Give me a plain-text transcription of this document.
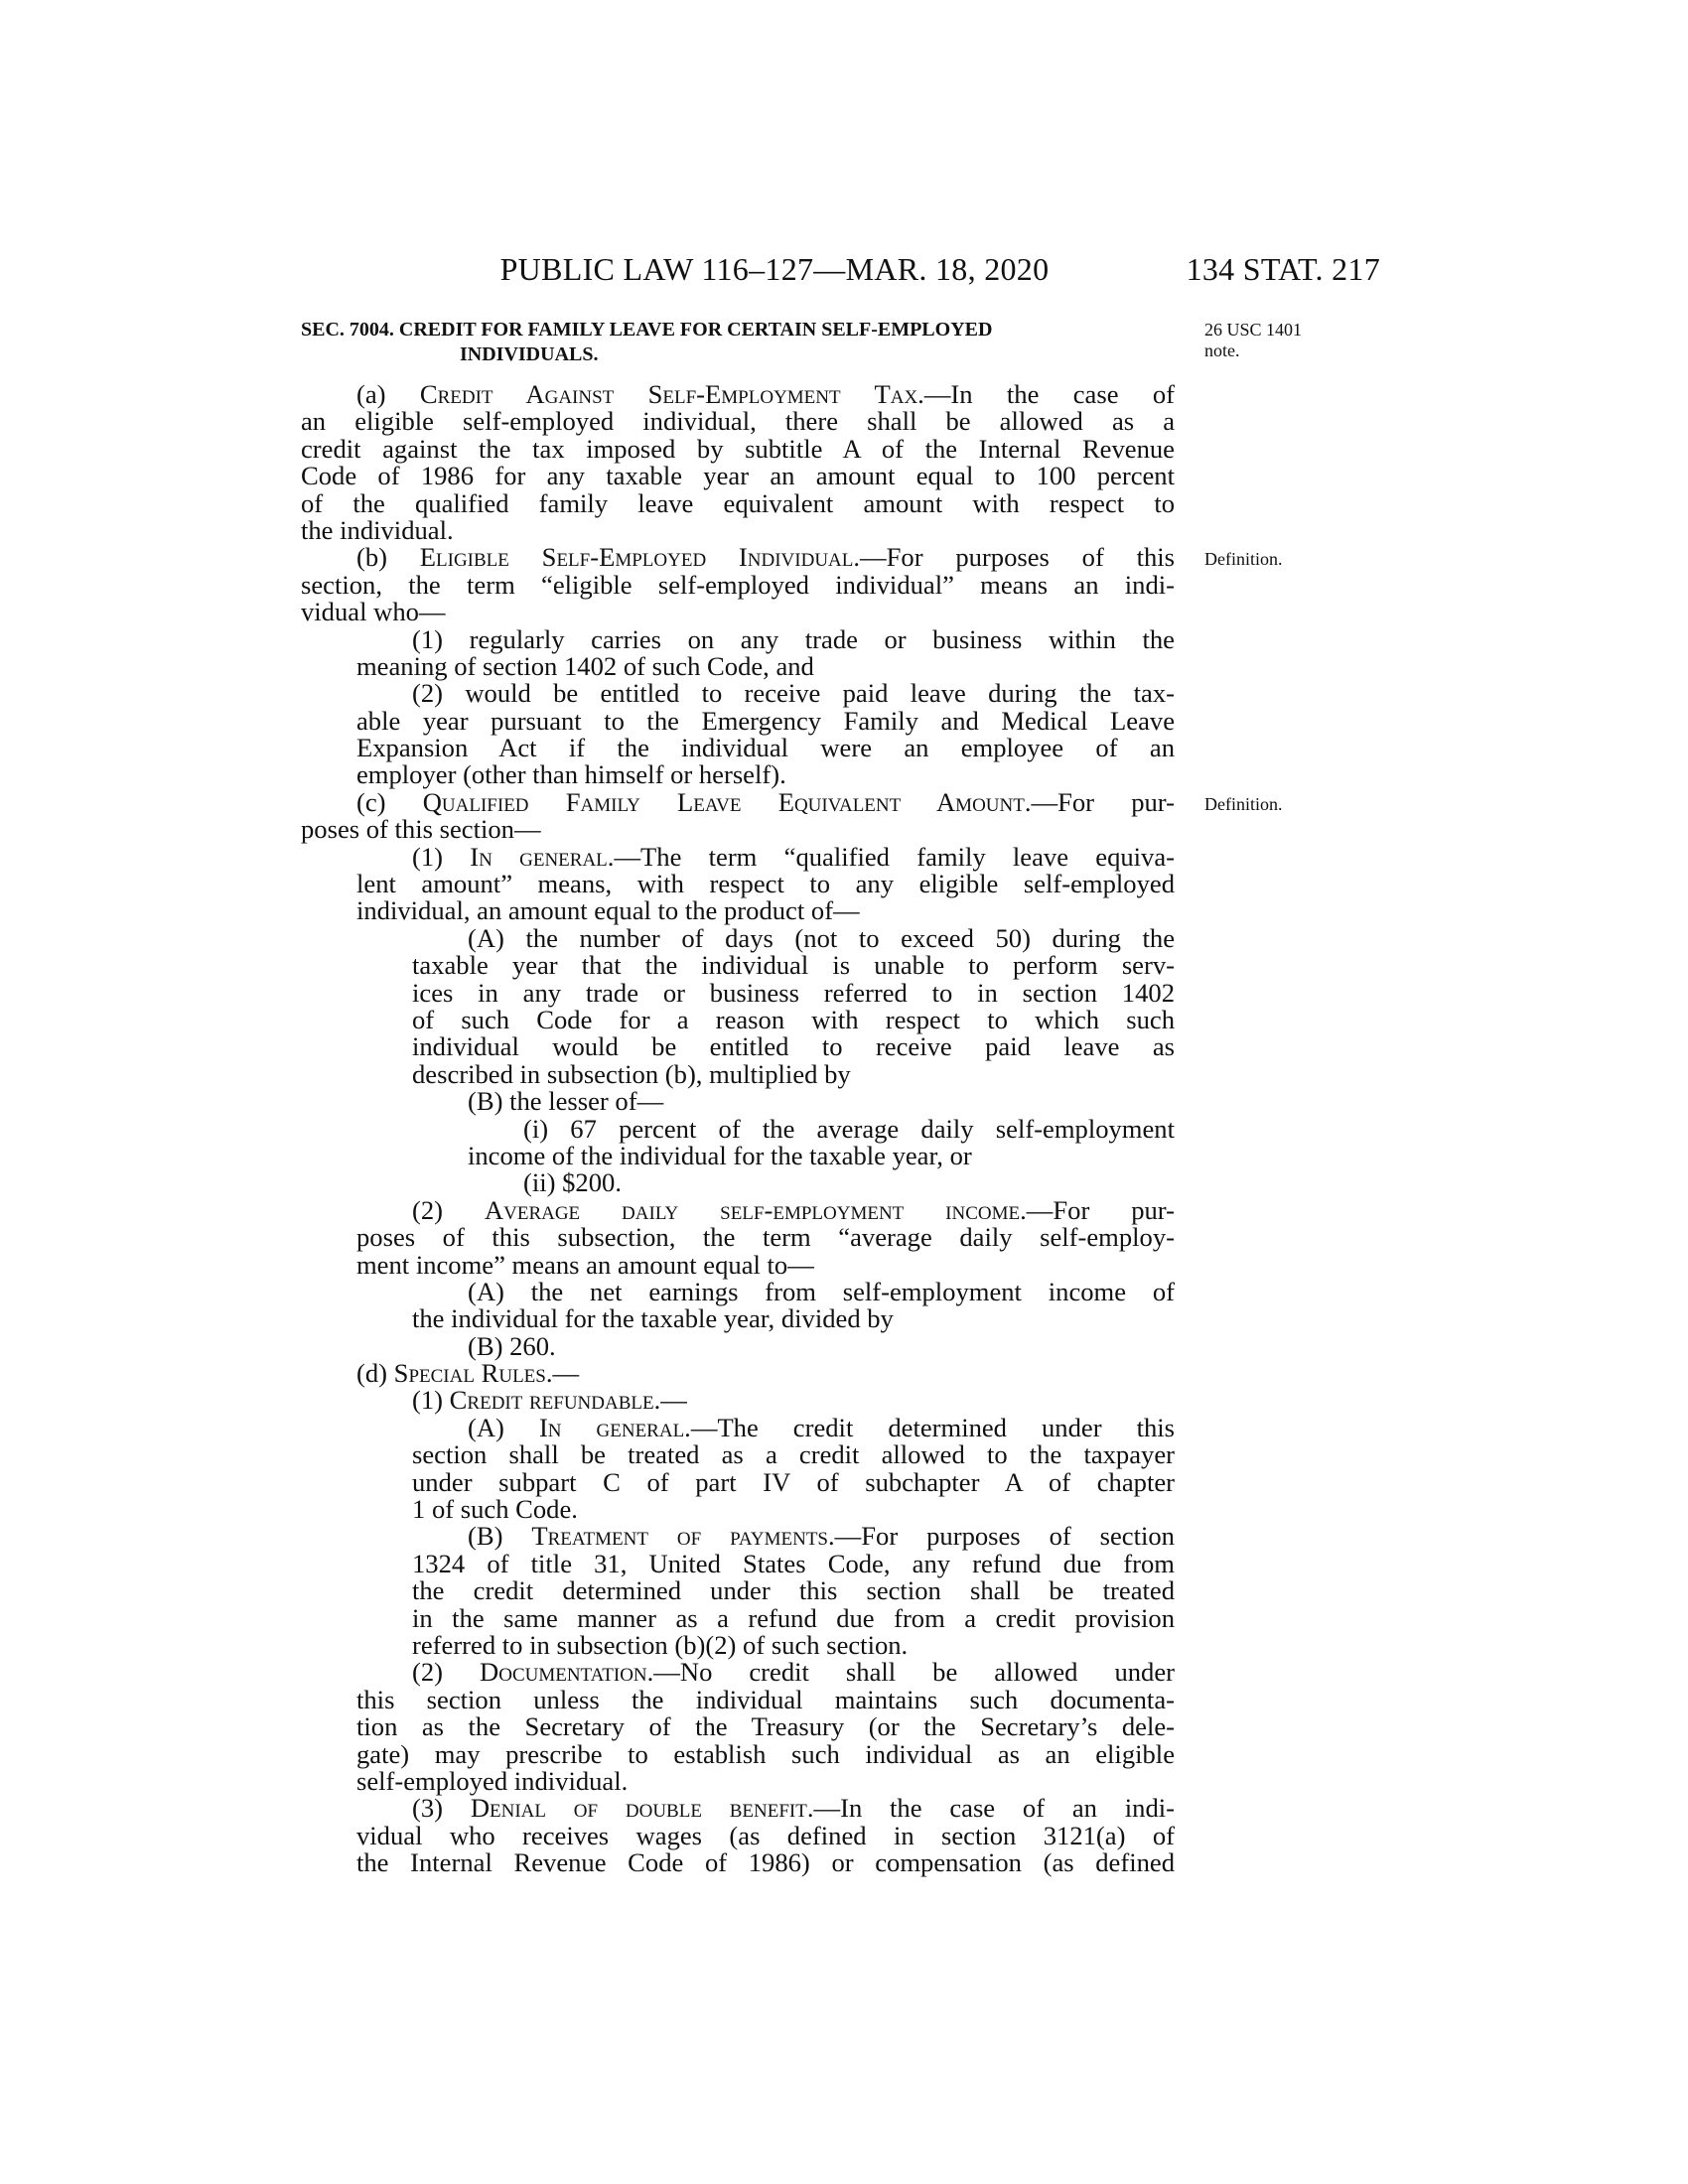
PUBLIC LAW 116–127—MAR. 18, 2020	134 STAT. 217
SEC. 7004. CREDIT FOR FAMILY LEAVE FOR CERTAIN SELF-EMPLOYED
INDIVIDUALS.
26 USC 1401
note.
Definition.
Definition.
(a) Credit Against Self-Employment Tax.—In the case of
an eligible self-employed individual, there shall be allowed as a
credit against the tax imposed by subtitle A of the Internal Revenue
Code of 1986 for any taxable year an amount equal to 100 percent
of the qualified family leave equivalent amount with respect to
the individual.
(b) Eligible Self-Employed Individual.—For purposes of this
section, the term “eligible self-employed individual” means an indi-
vidual who—
(1) regularly carries on any trade or business within the
meaning of section 1402 of such Code, and
(2) would be entitled to receive paid leave during the tax-
able year pursuant to the Emergency Family and Medical Leave
Expansion Act if the individual were an employee of an
employer (other than himself or herself).
(c) Qualified Family Leave Equivalent Amount.—For pur-
poses of this section—
(1) In general.—The term “qualified family leave equiva-
lent amount” means, with respect to any eligible self-employed
individual, an amount equal to the product of—
(A) the number of days (not to exceed 50) during the
taxable year that the individual is unable to perform serv-
ices in any trade or business referred to in section 1402
of such Code for a reason with respect to which such
individual would be entitled to receive paid leave as
described in subsection (b), multiplied by
(B) the lesser of—
(i) 67 percent of the average daily self-employment
income of the individual for the taxable year, or
(ii) $200.
(2) Average daily self-employment income.—For pur-
poses of this subsection, the term “average daily self-employ-
ment income” means an amount equal to—
(A) the net earnings from self-employment income of
the individual for the taxable year, divided by
(B) 260.
(d) Special Rules.—
(1) Credit refundable.—
(A) In general.—The credit determined under this
section shall be treated as a credit allowed to the taxpayer
under subpart C of part IV of subchapter A of chapter
1 of such Code.
(B) Treatment of payments.—For purposes of section
1324 of title 31, United States Code, any refund due from
the credit determined under this section shall be treated
in the same manner as a refund due from a credit provision
referred to in subsection (b)(2) of such section.
(2) Documentation.—No credit shall be allowed under
this section unless the individual maintains such documenta-
tion as the Secretary of the Treasury (or the Secretary’s dele-
gate) may prescribe to establish such individual as an eligible
self-employed individual.
(3) Denial of double benefit.—In the case of an indi-
vidual who receives wages (as defined in section 3121(a) of
the Internal Revenue Code of 1986) or compensation (as defined
